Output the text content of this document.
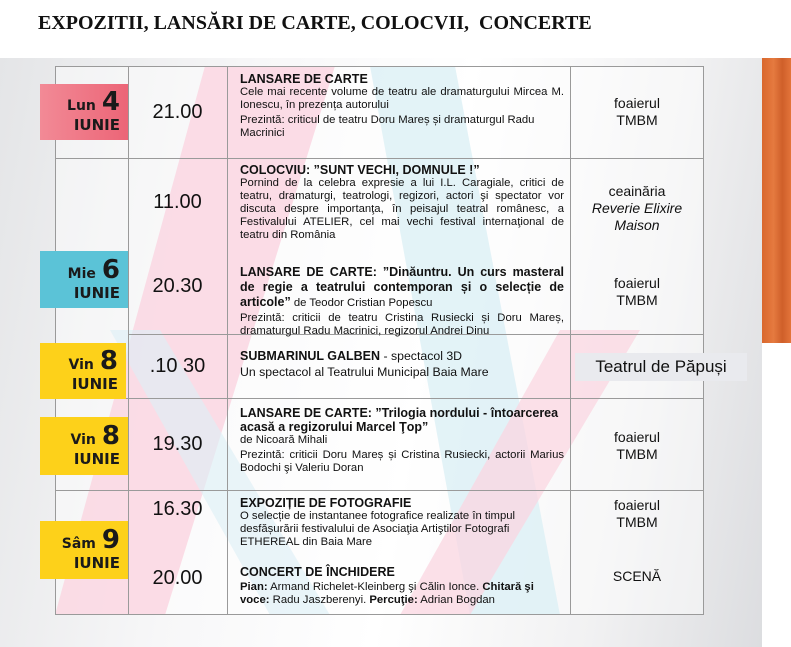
EXPOZITII, LANSĂRI DE CARTE, COLOCVII, CONCERTE
21.00
11.00
20.30
.10 30
19.30
16.30
20.00
LANSARE DE CARTE
Cele mai recente volume de teatru ale dramaturgului Mircea M. Ionescu, în prezența autorului
Prezintă: criticul de teatru Doru Mareș și dramaturgul Radu Macrinici
COLOCVIU: ”SUNT VECHI, DOMNULE !”
Pornind de la celebra expresie a lui I.L. Caragiale, critici de teatru, dramaturgi, teatrologi, regizori, actori şi spectator vor discuta despre importanţa, în peisajul teatral românesc, a Festivalului ATELIER, cel mai vechi festival internaţional de teatru din România
LANSARE DE CARTE: ”Dinăuntru. Un curs masteral de regie a teatrului contemporan și o selecție de articole” de Teodor Cristian Popescu
Prezintă: criticii de teatru Cristina Rusiecki și Doru Mareș, dramaturgul Radu Macrinici, regizorul Andrei Dinu
SUBMARINUL GALBEN - spectacol 3D
Un spectacol al Teatrului Municipal Baia Mare
LANSARE DE CARTE: ”Trilogia nordului - întoarcerea acasă a regizorului Marcel Ţop”
de Nicoară Mihali
Prezintă: criticii Doru Mareș și Cristina Rusiecki, actorii Marius Bodochi şi Valeriu Doran
EXPOZIȚIE DE FOTOGRAFIE
O selecție de instantanee fotografice realizate în timpul desfășurării festivalului de Asociaţia Artiştilor Fotografi ETHEREAL din Baia Mare
CONCERT DE ÎNCHIDERE
Pian: Armand Richelet-Kleinberg şi Călin Ionce. Chitară şi voce: Radu Jaszberenyi. Percuţie: Adrian Bogdan
foaierul
TMBM
ceainăria
Reverie Elixire
Maison
foaierul
TMBM
foaierul
TMBM
foaierul
TMBM
SCENĂ
Teatrul de Păpuși
Lun 4
IUNIE
Mie 6
IUNIE
Vin 8
IUNIE
Vin 8
IUNIE
Sâm 9
IUNIE
